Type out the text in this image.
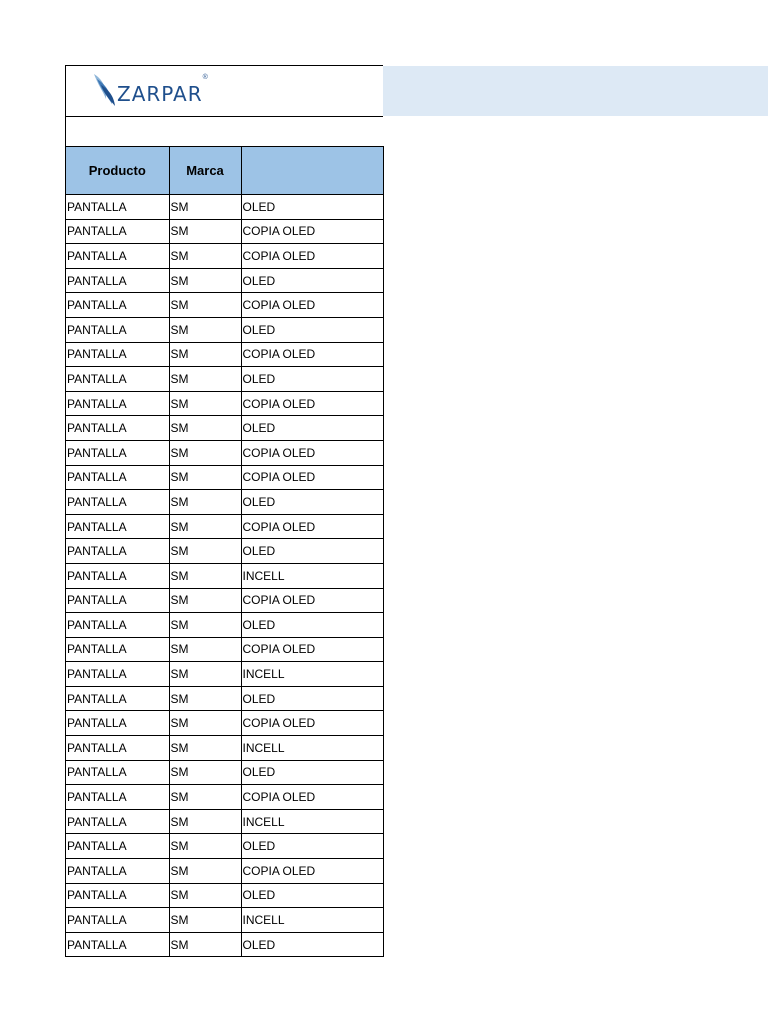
ZARPAR
®
Producto	Marca	
PANTALLA	SM	OLED
PANTALLA	SM	COPIA OLED
PANTALLA	SM	COPIA OLED
PANTALLA	SM	OLED
PANTALLA	SM	COPIA OLED
PANTALLA	SM	OLED
PANTALLA	SM	COPIA OLED
PANTALLA	SM	OLED
PANTALLA	SM	COPIA OLED
PANTALLA	SM	OLED
PANTALLA	SM	COPIA OLED
PANTALLA	SM	COPIA OLED
PANTALLA	SM	OLED
PANTALLA	SM	COPIA OLED
PANTALLA	SM	OLED
PANTALLA	SM	INCELL
PANTALLA	SM	COPIA OLED
PANTALLA	SM	OLED
PANTALLA	SM	COPIA OLED
PANTALLA	SM	INCELL
PANTALLA	SM	OLED
PANTALLA	SM	COPIA OLED
PANTALLA	SM	INCELL
PANTALLA	SM	OLED
PANTALLA	SM	COPIA OLED
PANTALLA	SM	INCELL
PANTALLA	SM	OLED
PANTALLA	SM	COPIA OLED
PANTALLA	SM	OLED
PANTALLA	SM	INCELL
PANTALLA	SM	OLED
